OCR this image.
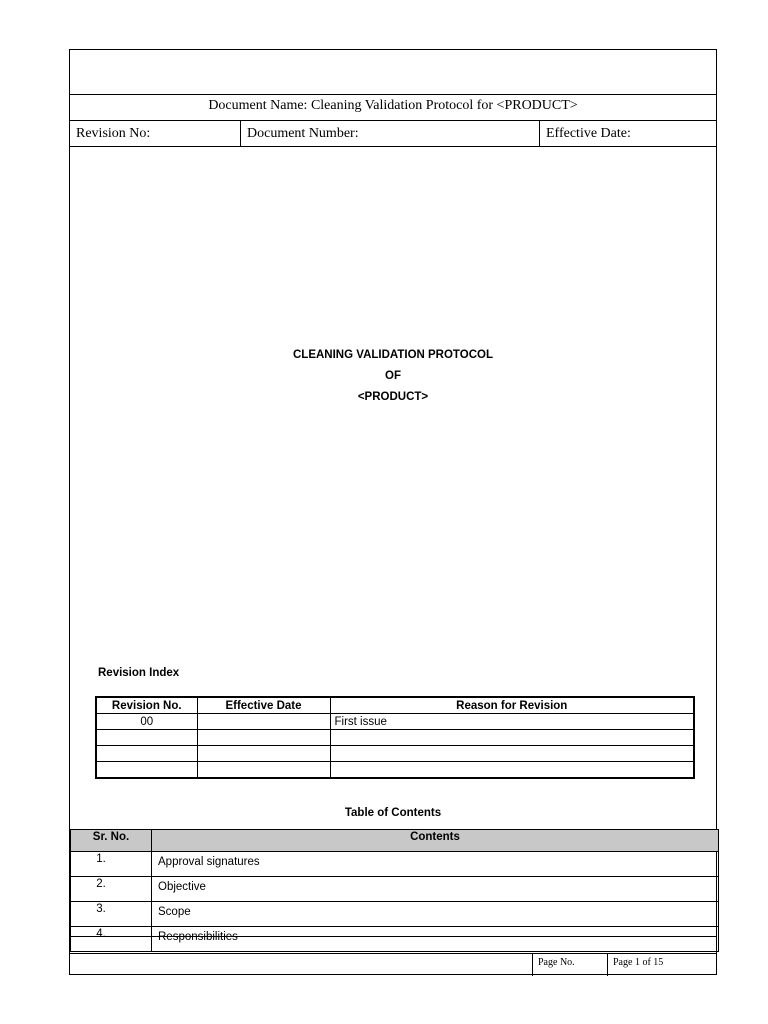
Document Name: Cleaning Validation Protocol for <PRODUCT>
Revision No:	Document Number:	Effective Date:
CLEANING VALIDATION PROTOCOL
OF
<PRODUCT>
Revision Index
Revision No.	Effective Date	Reason for Revision
00		First issue

Table of Contents
Sr. No.	Contents
1.	Approval signatures
2.	Objective
3.	Scope
4.	Responsibilities
Page No.	Page 1 of 15
